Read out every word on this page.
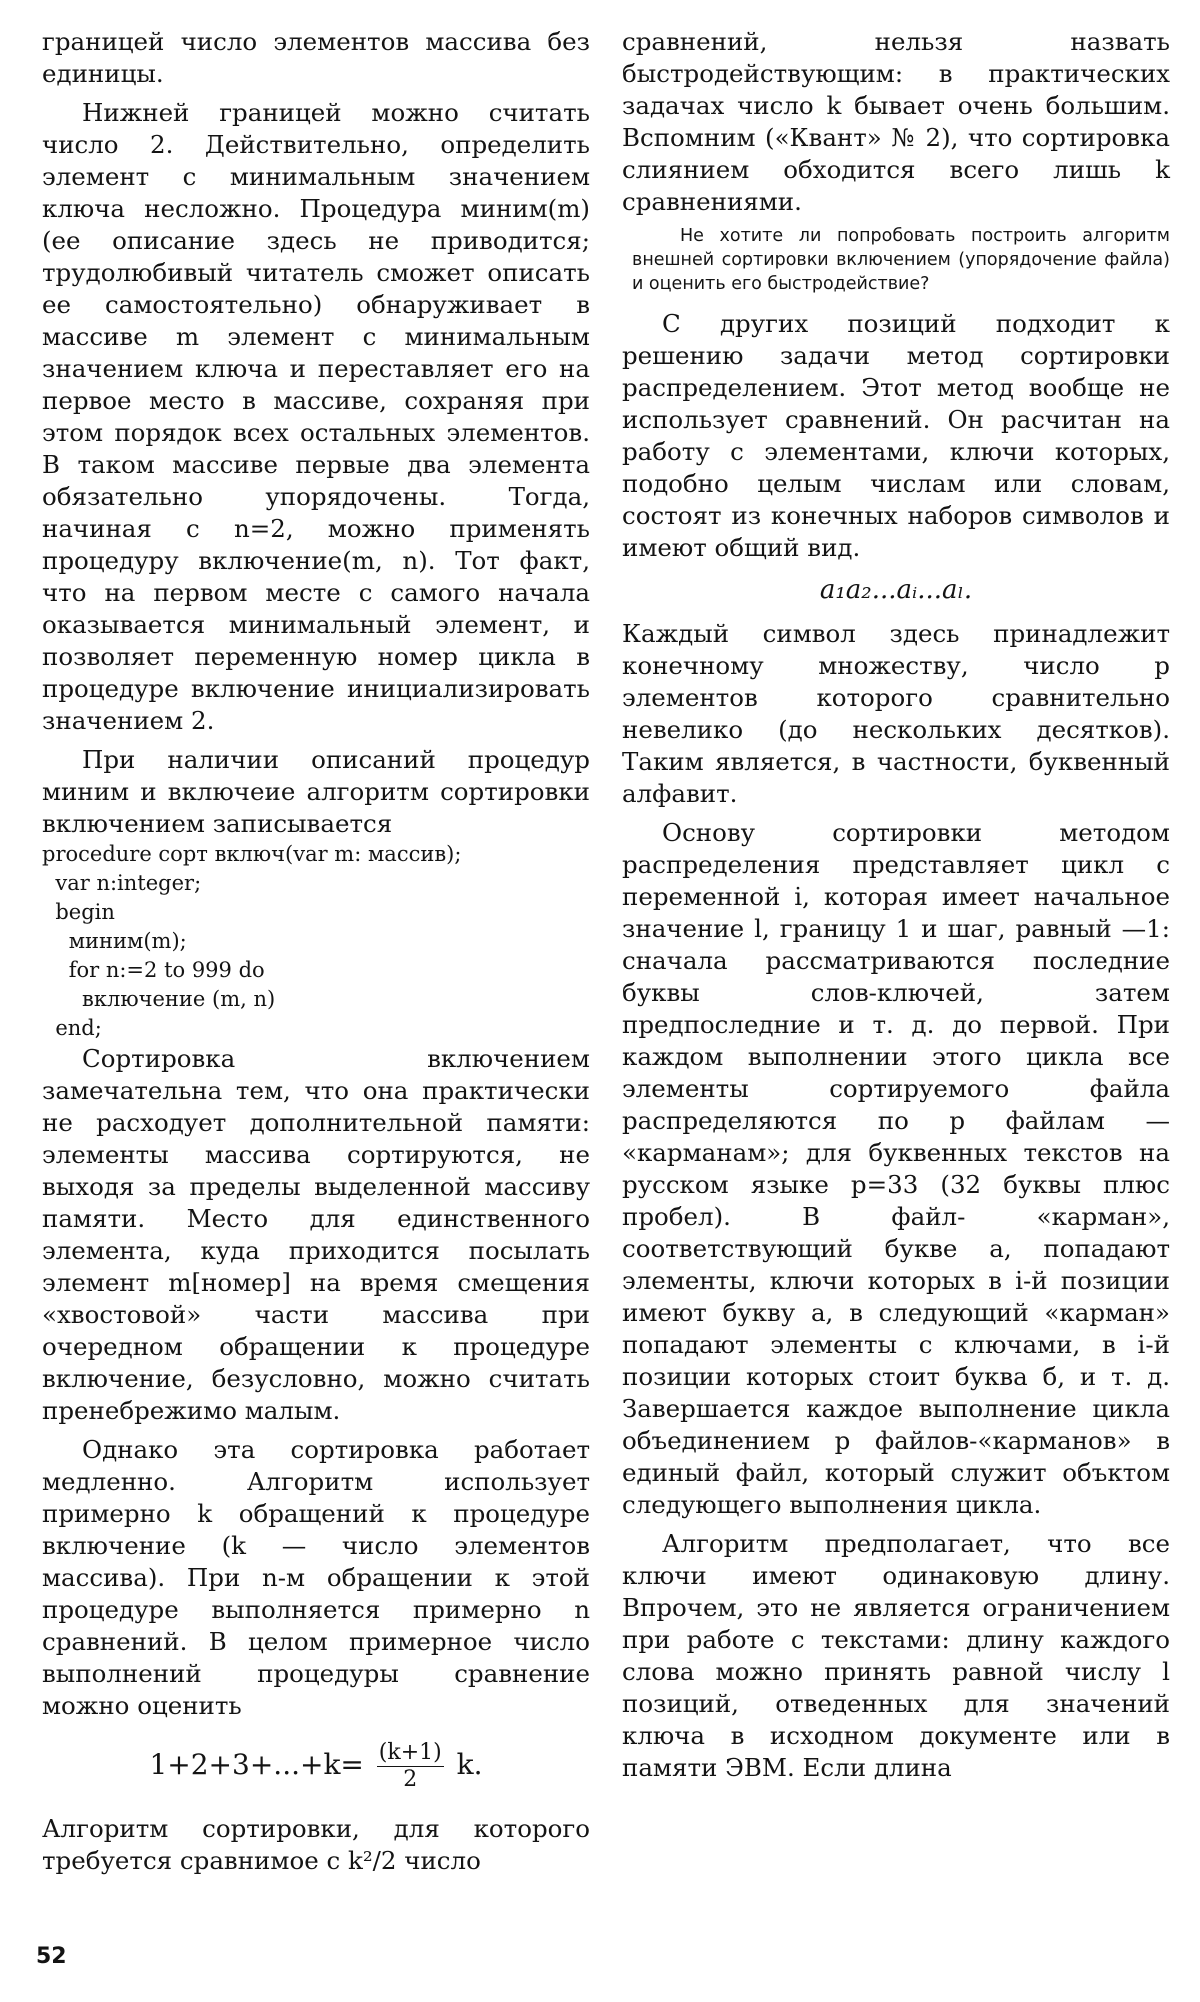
границей число элементов массива без единицы.

Нижней границей можно считать число 2. Действительно, определить элемент с минимальным значением ключа несложно. Процедура миним(m) (ее описание здесь не приводится; трудолюбивый читатель сможет описать ее самостоятельно) обнаруживает в массиве m элемент с минимальным значением ключа и переставляет его на первое место в массиве, сохраняя при этом порядок всех остальных элементов. В таком массиве первые два элемента обязательно упорядочены. Тогда, начиная с n=2, можно применять процедуру включение(m, n). Тот факт, что на первом месте с самого начала оказывается минимальный элемент, и позволяет переменную номер цикла в процедуре включение инициализировать значением 2.

При наличии описаний процедур миним и включеие алгоритм сортировки включением записывается

procedure сорт включ(var m: массив);
var n:integer;
begin
миним(m);
for n:=2 to 999 do
включение (m, n)
end;

Сортировка включением замечательна тем, что она практически не расходует дополнительной памяти: элементы массива сортируются, не выходя за пределы выделенной массиву памяти. Место для единственного элемента, куда приходится посылать элемент m[номер] на время смещения «хвостовой» части массива при очередном обращении к процедуре включение, безусловно, можно считать пренебрежимо малым.

Однако эта сортировка работает медленно. Алгоритм использует примерно k обращений к процедуре включение (k — число элементов массива). При n-м обращении к этой процедуре выполняется примерно n сравнений. В целом примерное число выполнений процедуры сравнение можно оценить

$1+2+3+...+k= \frac{(k+1)}{2} k$.

Алгоритм сортировки, для которого требуется сравнимое с k²/2 число

сравнений, нельзя назвать быстродействующим: в практических задачах число k бывает очень большим. Вспомним («Квант» № 2), что сортировка слиянием обходится всего лишь k сравнениями.

Не хотите ли попробовать построить алгоритм внешней сортировки включением (упорядочение файла) и оценить его быстродействие?

С других позиций подходит к решению задачи метод сортировки распределением. Этот метод вообще не использует сравнений. Он расчитан на работу с элементами, ключи которых, подобно целым числам или словам, состоят из конечных наборов символов и имеют общий вид.

a₁a₂...aᵢ...aₗ.

Каждый символ здесь принадлежит конечному множеству, число p элементов которого сравнительно невелико (до нескольких десятков). Таким является, в частности, буквенный алфавит.

Основу сортировки методом распределения представляет цикл с переменной i, которая имеет начальное значение l, границу 1 и шаг, равный —1: сначала рассматриваются последние буквы слов-ключей, затем предпоследние и т. д. до первой. При каждом выполнении этого цикла все элементы сортируемого файла распределяются по p файлам — «карманам»; для буквенных текстов на русском языке p=33 (32 буквы плюс пробел). В файл- «карман», соответствующий букве a, попадают элементы, ключи которых в i-й позиции имеют букву a, в следующий «карман» попадают элементы с ключами, в i-й позиции которых стоит буква б, и т. д. Завершается каждое выполнение цикла объединением p файлов-«карманов» в единый файл, который служит объктом следующего выполнения цикла.

Алгоритм предполагает, что все ключи имеют одинаковую длину. Впрочем, это не является ограничением при работе с текстами: длину каждого слова можно принять равной числу l позиций, отведенных для значений ключа в исходном документе или в памяти ЭВМ. Если длина

52
